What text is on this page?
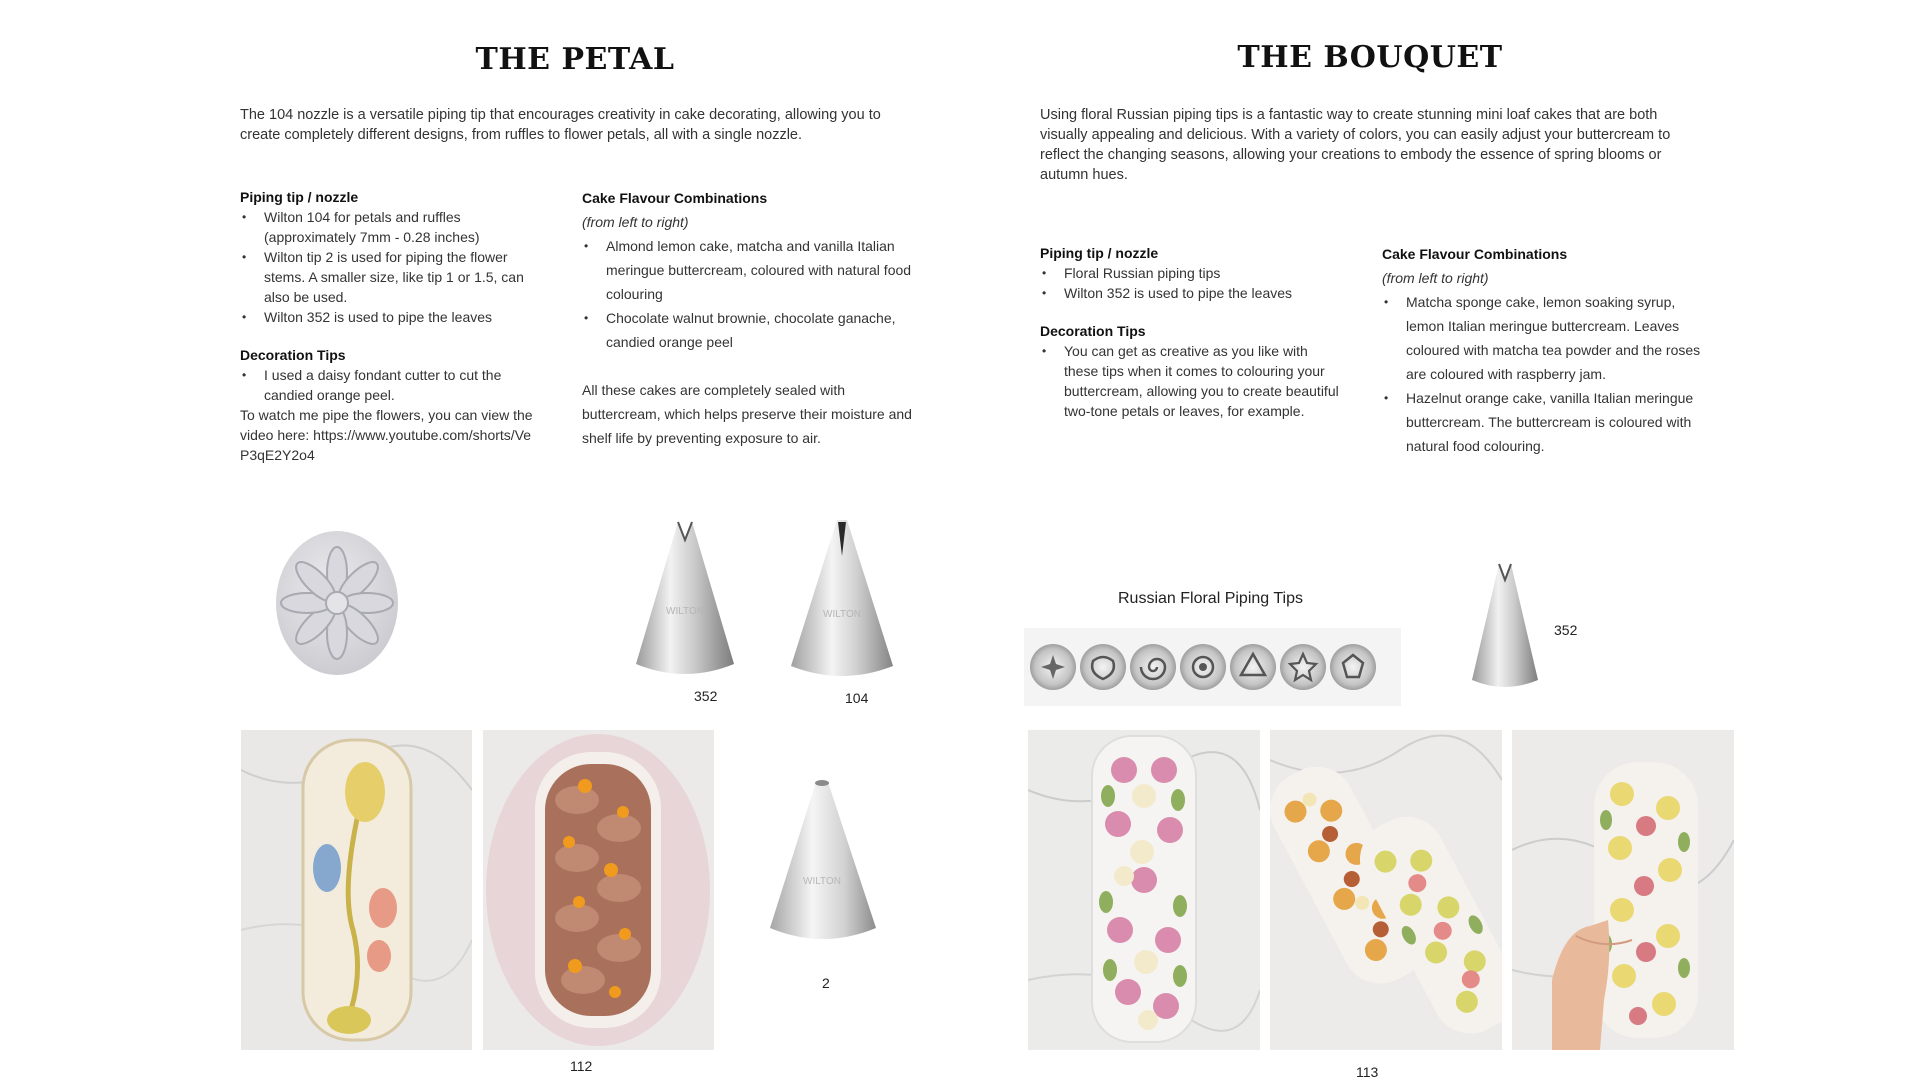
THE PETAL

The 104 nozzle is a versatile piping tip that encourages creativity in cake decorating, allowing you to create completely different designs, from ruffles to flower petals, all with a single nozzle.

Piping tip / nozzle
• Wilton 104 for petals and ruffles (approximately 7mm - 0.28 inches)
• Wilton tip 2 is used for piping the flower stems. A smaller size, like tip 1 or 1.5, can also be used.
• Wilton 352 is used to pipe the leaves
Decoration Tips
• I used a daisy fondant cutter to cut the candied orange peel.

To watch me pipe the flowers, you can view the video here: https://www.youtube.com/shorts/VeP3qE2Y2o4

Cake Flavour Combinations

(from left to right)

• Almond lemon cake, matcha and vanilla Italian meringue buttercream, coloured with natural food colouring
• Chocolate walnut brownie, chocolate ganache, candied orange peel

All these cakes are completely sealed with buttercream, which helps preserve their moisture and shelf life by preventing exposure to air.

WILTON
352
WILTON
104
WILTON
2
112
THE BOUQUET

Using floral Russian piping tips is a fantastic way to create stunning mini loaf cakes that are both visually appealing and delicious. With a variety of colors, you can easily adjust your buttercream to reflect the changing seasons, allowing your creations to embody the essence of spring blooms or autumn hues.

Piping tip / nozzle
• Floral Russian piping tips
• Wilton 352 is used to pipe the leaves
Decoration Tips
• You can get as creative as you like with these tips when it comes to colouring your buttercream, allowing you to create beautiful two-tone petals or leaves, for example.
Cake Flavour Combinations

(from left to right)

• Matcha sponge cake, lemon soaking syrup, lemon Italian meringue buttercream. Leaves coloured with matcha tea powder and the roses are coloured with raspberry jam.
• Hazelnut orange cake, vanilla Italian meringue buttercream. The buttercream is coloured with natural food colouring.
Russian Floral Piping Tips
352
113
